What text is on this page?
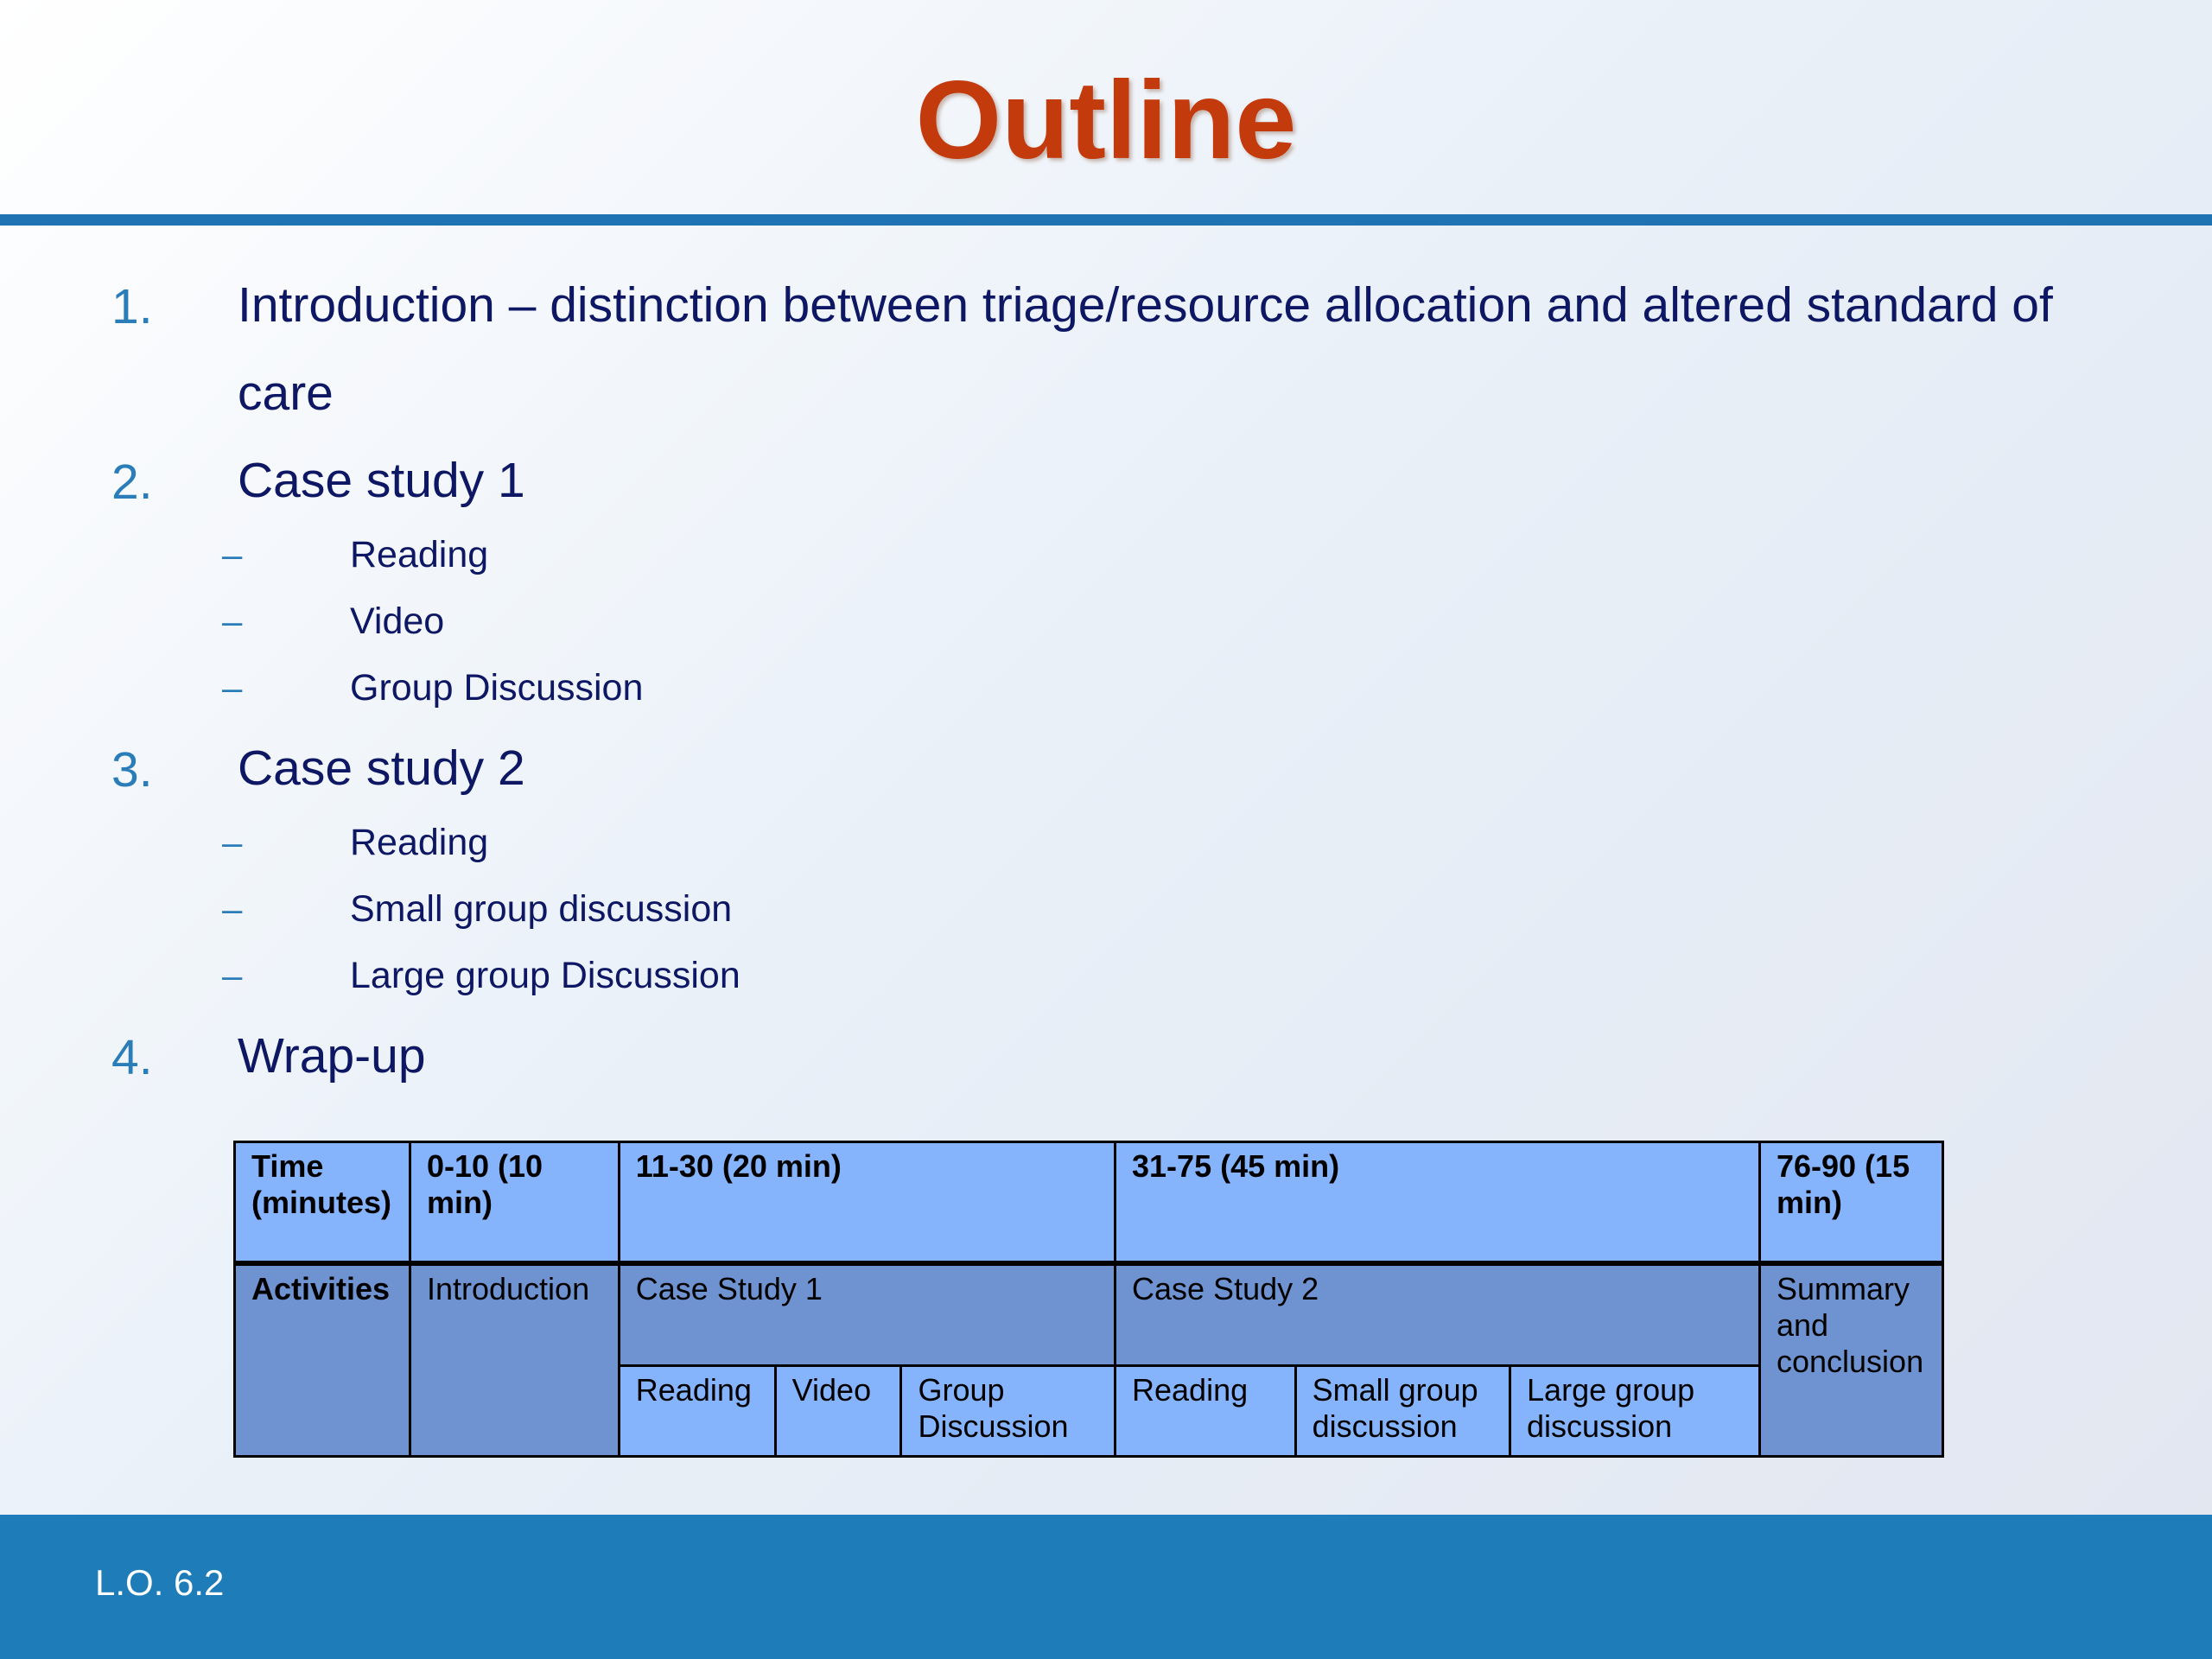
Outline
1. Introduction – distinction between triage/resource allocation and altered standard of care
2. Case study 1
–	Reading
–	Video
–	Group Discussion
3. Case study 2
–	Reading
–	Small group discussion
–	Large group Discussion
4. Wrap-up
Time (minutes)	0-10 (10 min)	11-30 (20 min)			31-75 (45 min)			76-90 (15 min)
Activities	Introduction	Case Study 1			Case Study 2			Summary and conclusion
		Reading	Video	Group Discussion	Reading	Small group discussion	Large group discussion	
L.O. 6.2
